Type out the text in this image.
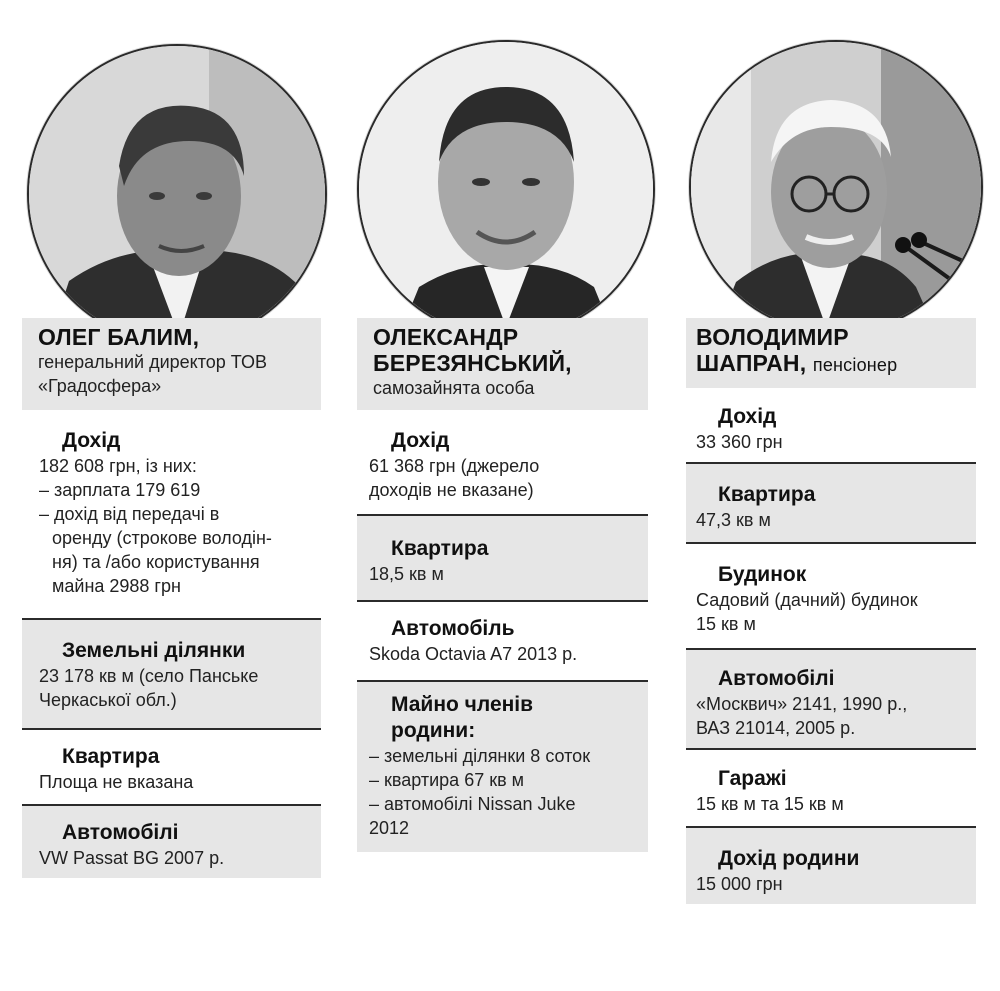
ОЛЕГ БАЛИМ,
генеральний директор ТОВ
«Градосфера»
Дохід
182 608 грн, із них:
– зарплата 179 619
– дохід від передачі в
оренду (строкове володін-
ня) та /або користування
майна 2988 грн
Земельні ділянки
23 178 кв м (село Панське
Черкаської обл.)
Квартира
Площа не вказана
Автомобілі
VW Passat BG 2007 р.
ОЛЕКСАНДР
БЕРЕЗЯНСЬКИЙ,
самозайнята особа
Дохід
61 368 грн (джерело
доходів не вказане)
Квартира
18,5 кв м
Автомобіль
Skoda Octavia A7 2013 р.
Майно членів
родини:
– земельні ділянки 8 соток
– квартира 67 кв м
– автомобілі Nissan Juke
2012
ВОЛОДИМИР
ШАПРАН, пенсіонер
Дохід
33 360 грн
Квартира
47,3 кв м
Будинок
Садовий (дачний) будинок
15 кв м
Автомобілі
«Москвич» 2141, 1990 р.,
ВАЗ 21014, 2005 р.
Гаражі
15 кв м та 15 кв м
Дохід родини
15 000 грн
